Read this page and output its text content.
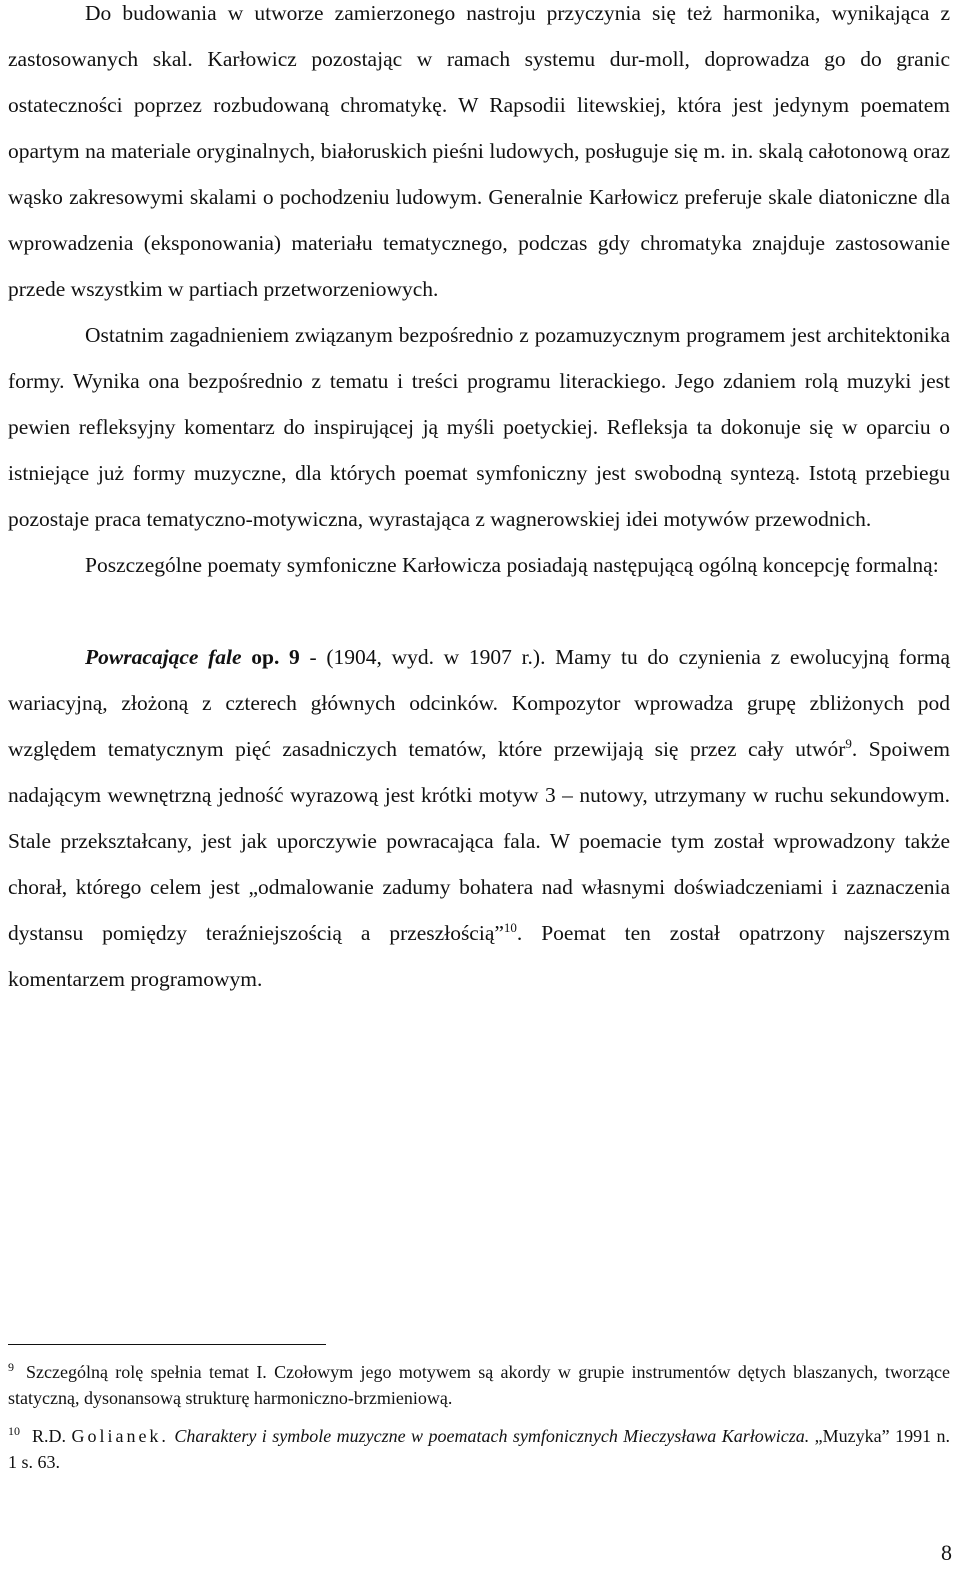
Do budowania w utworze zamierzonego nastroju przyczynia się też harmonika, wynikająca z zastosowanych skal. Karłowicz pozostając w ramach systemu dur-moll, doprowadza go do granic ostateczności poprzez rozbudowaną chromatykę. W Rapsodii litewskiej, która jest jedynym poematem opartym na materiale oryginalnych, białoruskich pieśni ludowych, posługuje się m. in. skalą całotonową oraz wąsko zakresowymi skalami o pochodzeniu ludowym. Generalnie Karłowicz preferuje skale diatoniczne dla wprowadzenia (eksponowania) materiału tematycznego, podczas gdy chromatyka znajduje zastosowanie przede wszystkim w partiach przetworzeniowych.

Ostatnim zagadnieniem związanym bezpośrednio z pozamuzycznym programem jest architektonika formy. Wynika ona bezpośrednio z tematu i treści programu literackiego. Jego zdaniem rolą muzyki jest pewien refleksyjny komentarz do inspirującej ją myśli poetyckiej. Refleksja ta dokonuje się w oparciu o istniejące już formy muzyczne, dla których poemat symfoniczny jest swobodną syntezą. Istotą przebiegu pozostaje praca tematyczno-motywiczna, wyrastająca z wagnerowskiej idei motywów przewodnich.

Poszczególne poematy symfoniczne Karłowicza posiadają następującą ogólną koncepcję formalną:

Powracające fale op. 9 - (1904, wyd. w 1907 r.). Mamy tu do czynienia z ewolucyjną formą wariacyjną, złożoną z czterech głównych odcinków. Kompozytor wprowadza grupę zbliżonych pod względem tematycznym pięć zasadniczych tematów, które przewijają się przez cały utwór$^9$. Spoiwem nadającym wewnętrzną jedność wyrazową jest krótki motyw 3 – nutowy, utrzymany w ruchu sekundowym. Stale przekształcany, jest jak uporczywie powracająca fala. W poemacie tym został wprowadzony także chorał, którego celem jest „odmalowanie zadumy bohatera nad własnymi doświadczeniami i zaznaczenia dystansu pomiędzy teraźniejszością a przeszłością”$^{10}$. Poemat ten został opatrzony najszerszym komentarzem programowym.

$^9$ Szczególną rolę spełnia temat I. Czołowym jego motywem są akordy w grupie instrumentów dętych blaszanych, tworzące statyczną, dysonansową strukturę harmoniczno-brzmieniową.

$^{10}$ R.D. Golianek. Charaktery i symbole muzyczne w poematach symfonicznych Mieczysława Karłowicza. „Muzyka” 1991 n. 1 s. 63.

8
